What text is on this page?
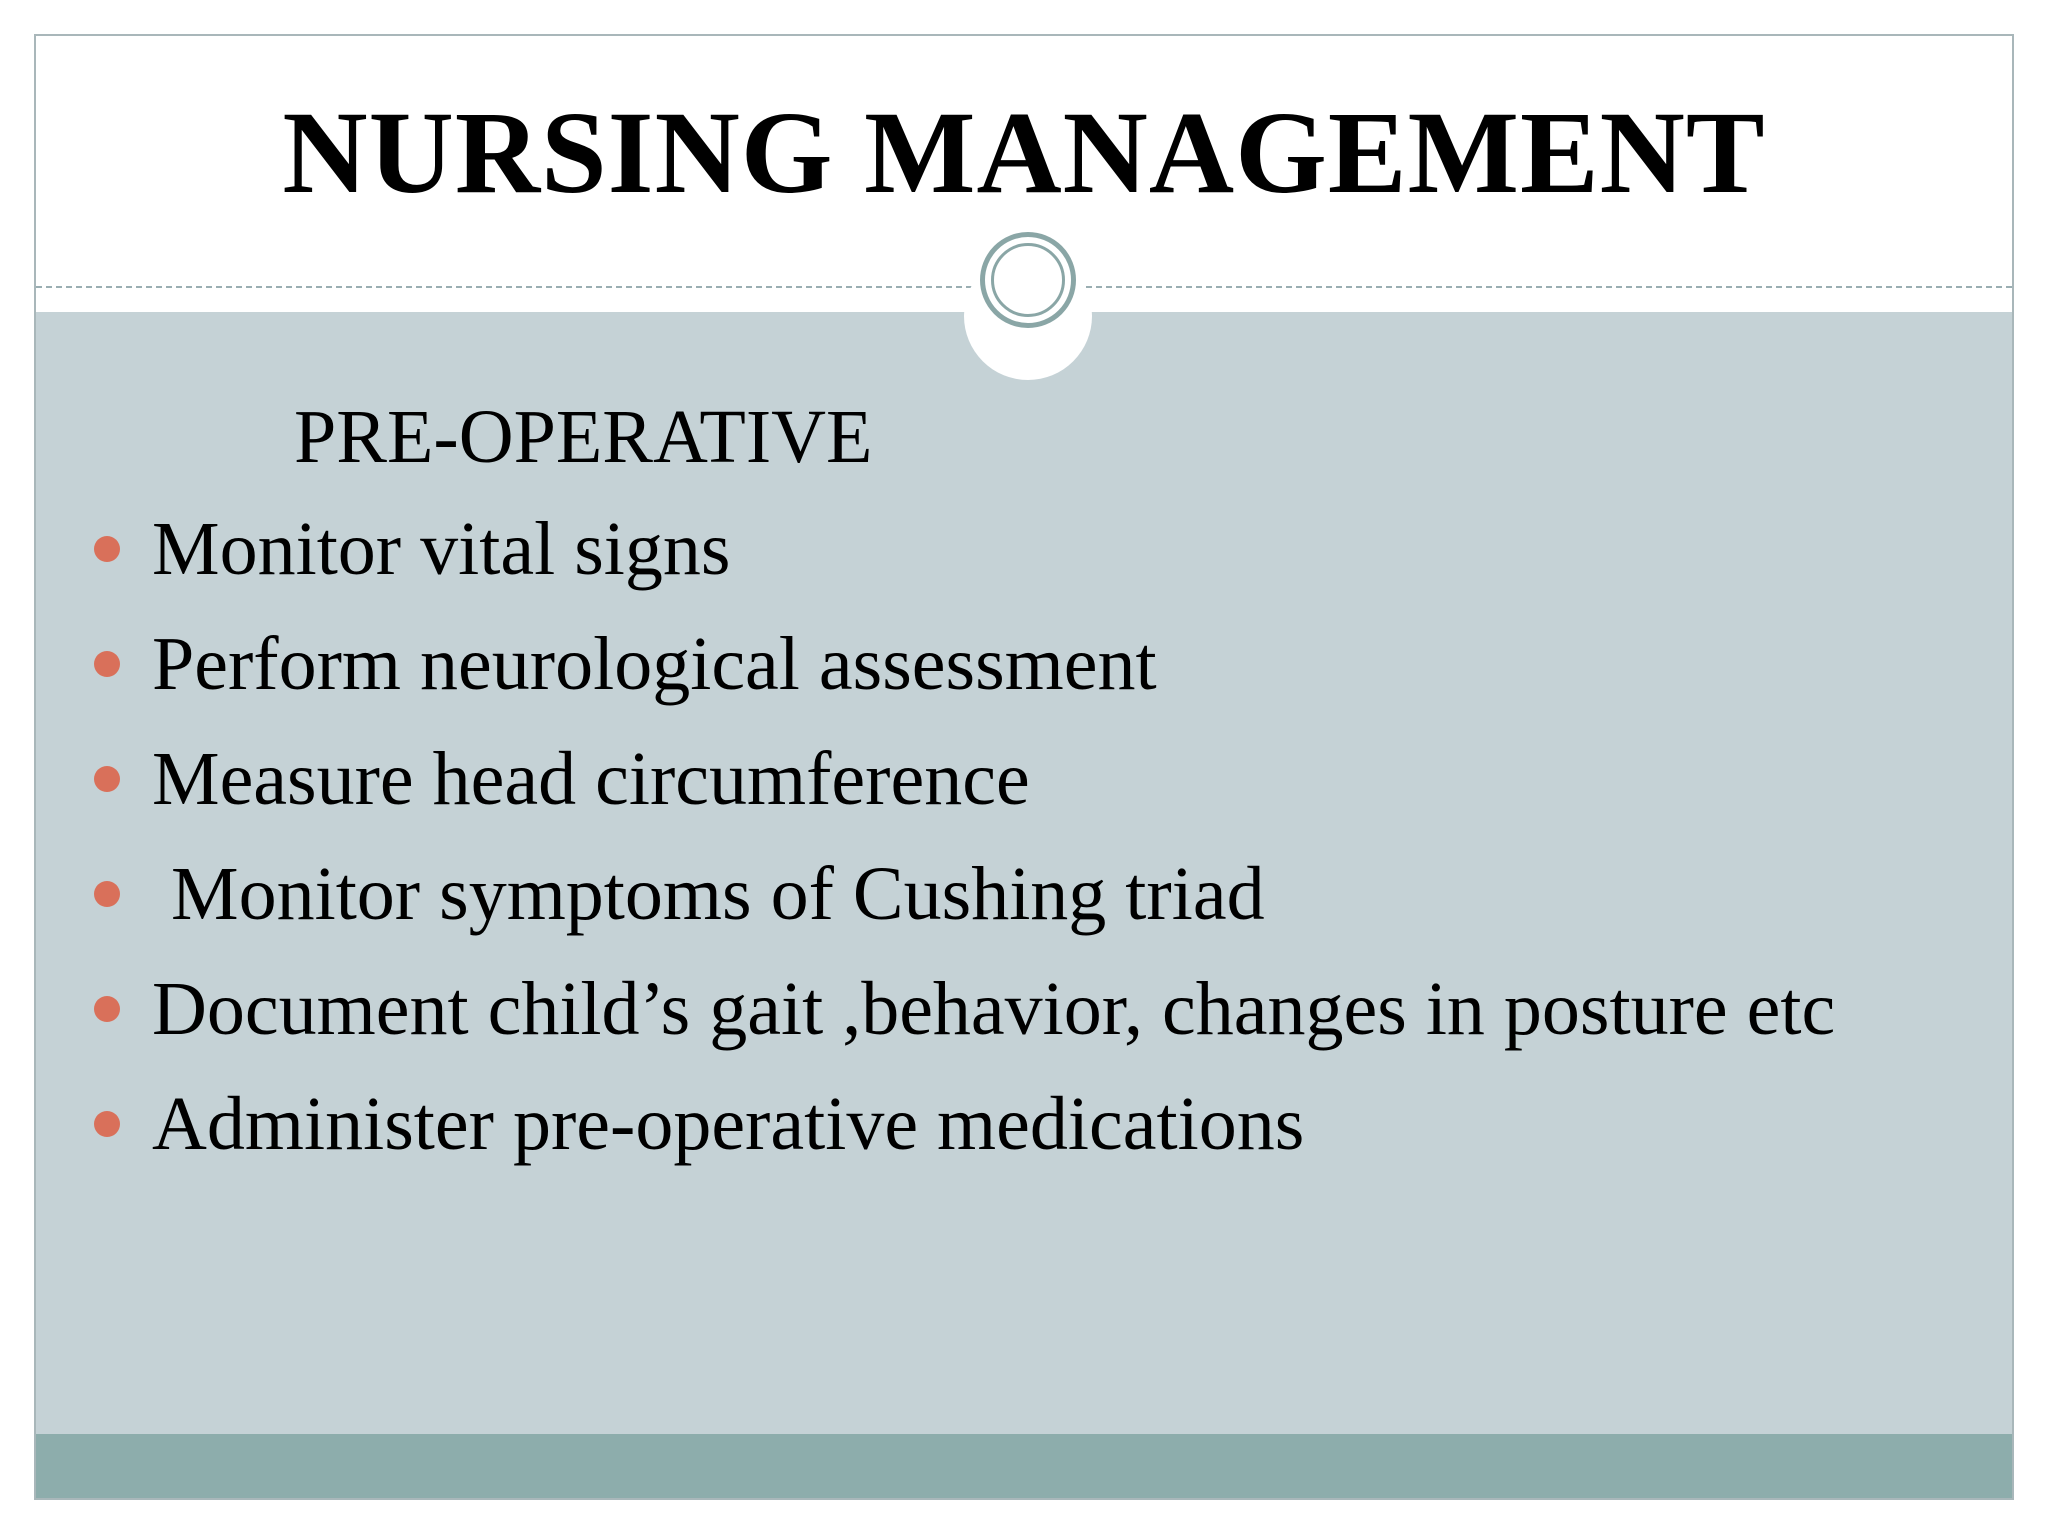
NURSING MANAGEMENT

PRE-OPERATIVE

Monitor vital signs
Perform neurological assessment
Measure head circumference
Monitor symptoms of Cushing triad
Document child’s gait ,behavior, changes in posture etc
Administer pre-operative medications
